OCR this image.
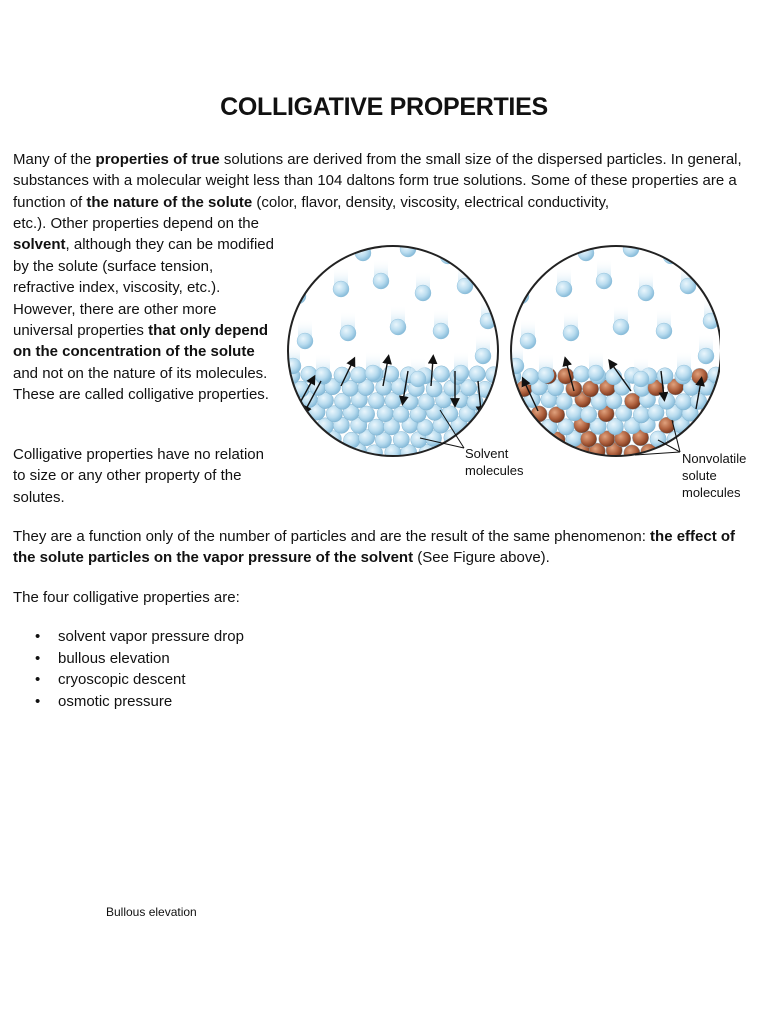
COLLIGATIVE PROPERTIES

Many of the properties of true solutions are derived from the small size of the dispersed particles. In general, substances with a molecular weight less than 104 daltons form true solutions. Some of these properties are a function of the nature of the solute (color, flavor, density, viscosity, electrical conductivity,

etc.). Other properties depend on the solvent, although they can be modified by the solute (surface tension, refractive index, viscosity, etc.). However, there are other more universal properties that only depend on the concentration of the solute and not on the nature of its molecules. These are called colligative properties.

Solvent
molecules
Nonvolatile
solute
molecules

Colligative properties have no relation to size or any other property of the solutes.

They are a function only of the number of particles and are the result of the same phenomenon: the effect of the solute particles on the vapor pressure of the solvent (See Figure above).

The four colligative properties are:

• solvent vapor pressure drop
• bullous elevation
• cryoscopic descent
• osmotic pressure
Bullous elevation
